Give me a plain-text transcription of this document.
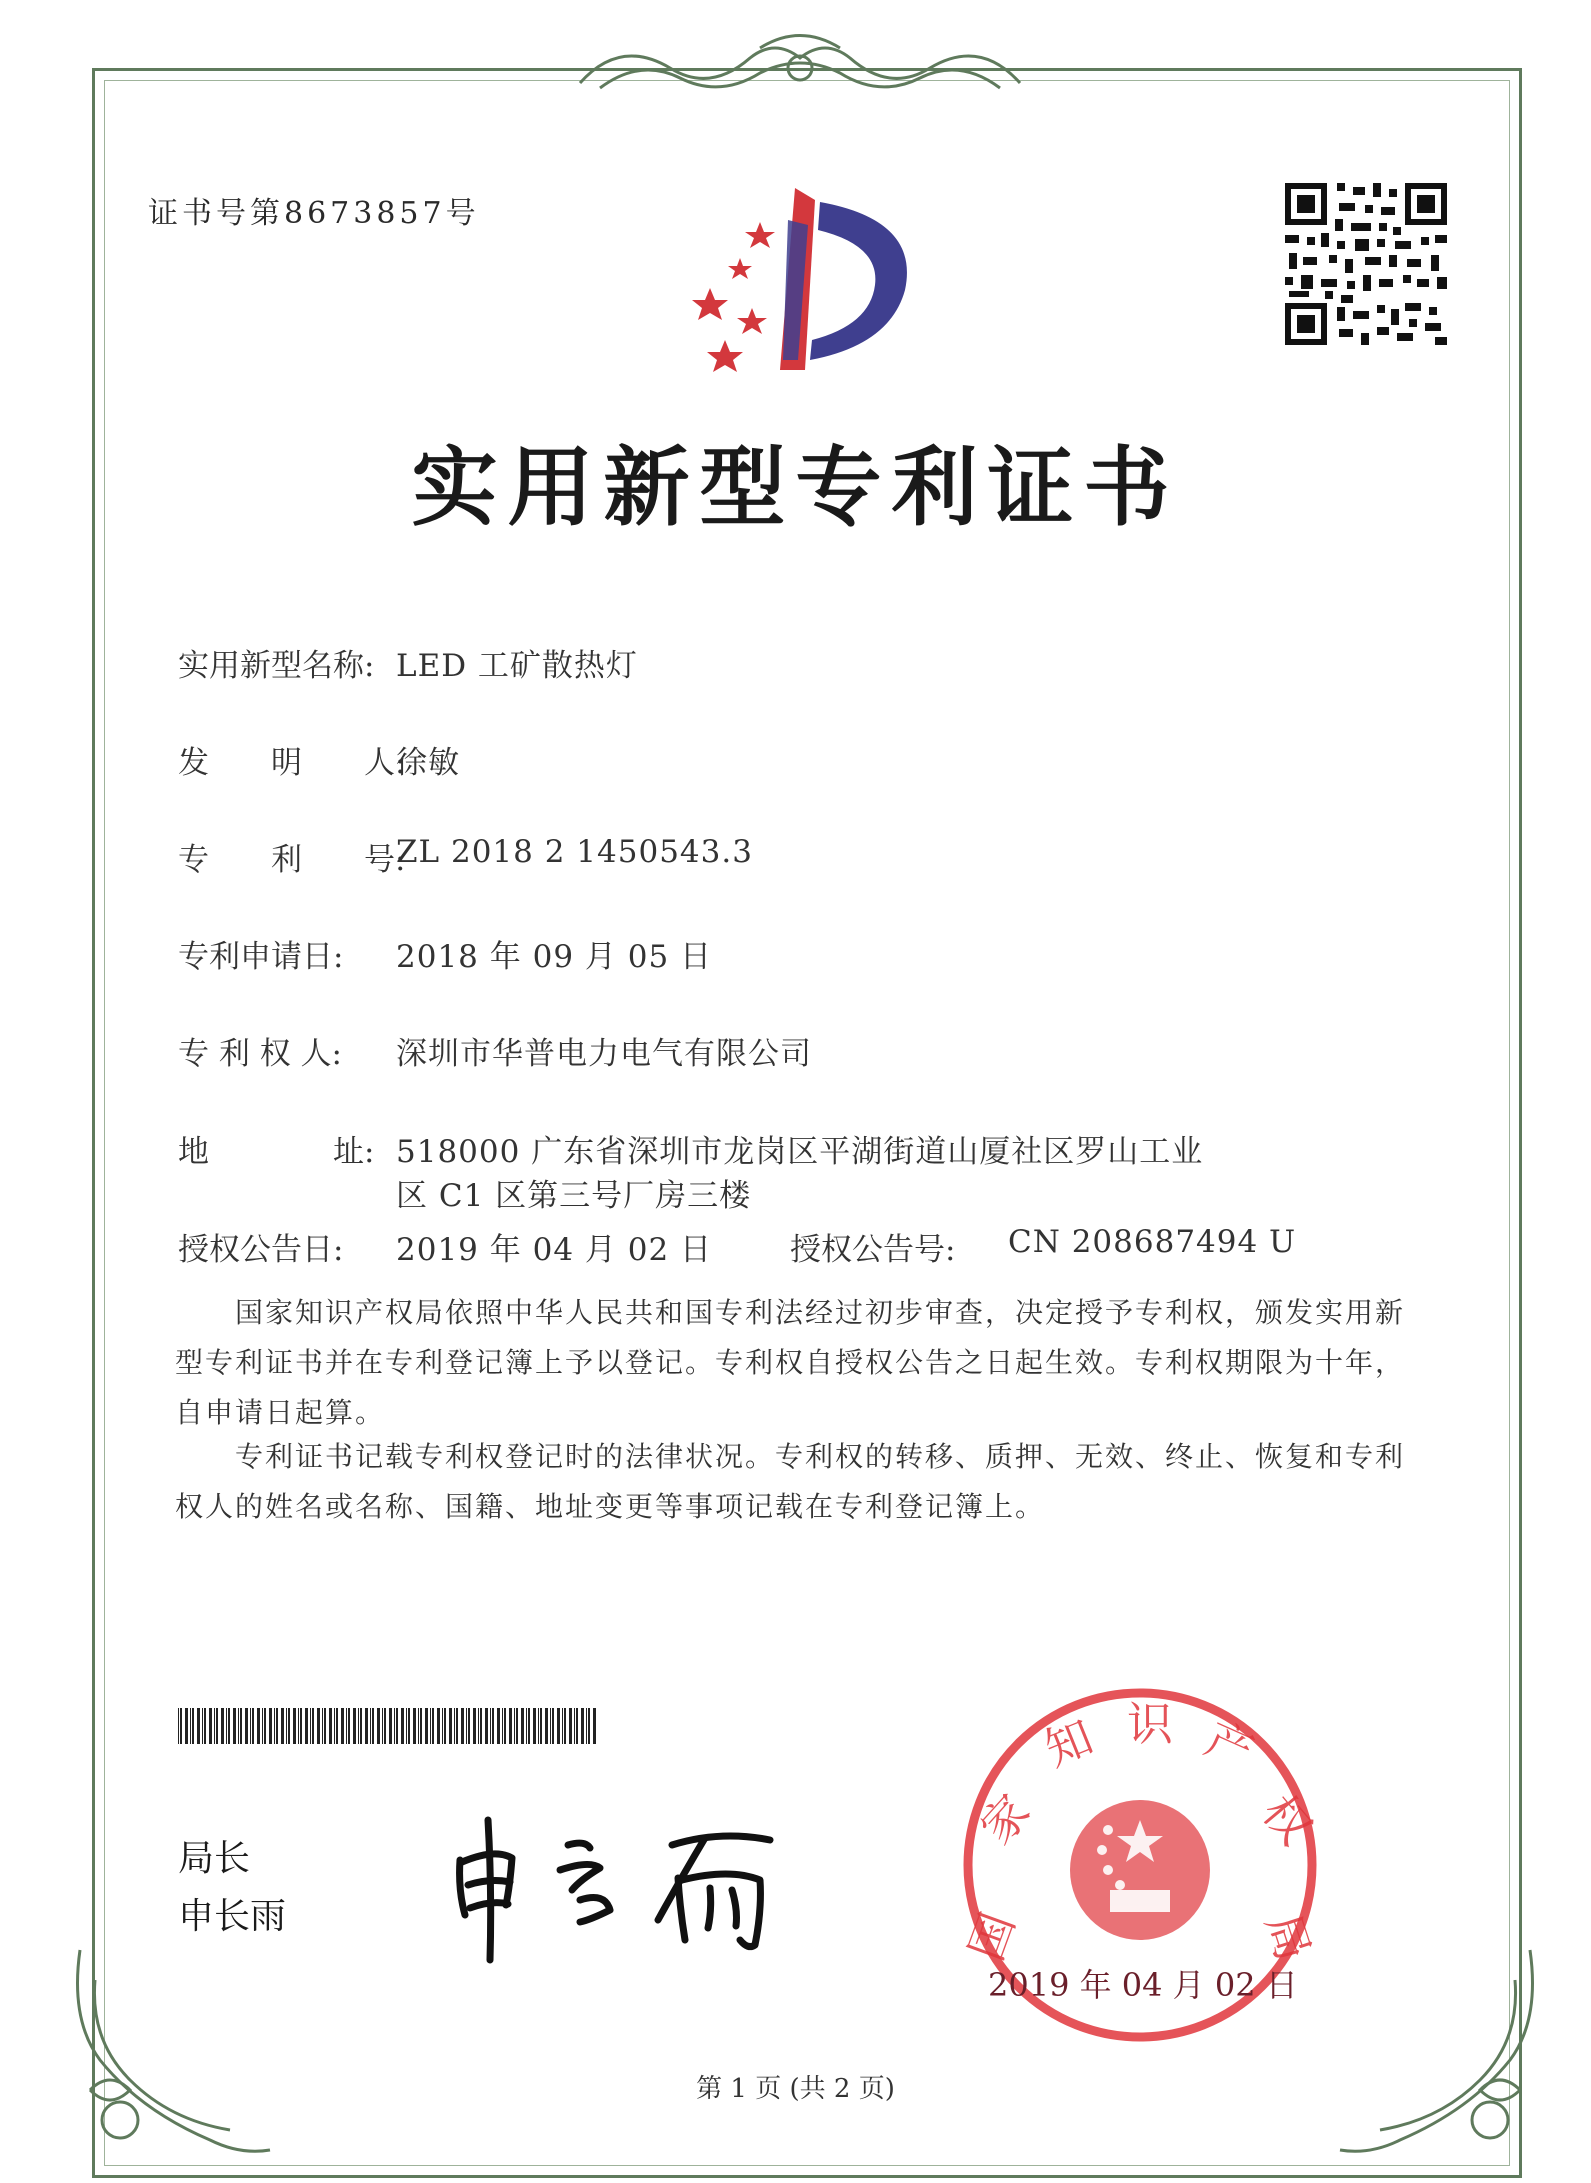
证书号第8673857号
实用新型专利证书
实用新型名称: LED 工矿散热灯
发　　明　　人:
徐敏
专　　利　　号:
ZL 2018 2 1450543.3
专利申请日: 2018 年 09 月 05 日
专 利 权 人: 深圳市华普电力电气有限公司
地　　　　址: 518000 广东省深圳市龙岗区平湖街道山厦社区罗山工业
区 C1 区第三号厂房三楼
授权公告日: 2019 年 04 月 02 日	授权公告号: CN 208687494 U
国家知识产权局依照中华人民共和国专利法经过初步审查，决定授予专利权，颁发实用新型专利证书并在专利登记簿上予以登记。专利权自授权公告之日起生效。专利权期限为十年，自申请日起算。
专利证书记载专利权登记时的法律状况。专利权的转移、质押、无效、终止、恢复和专利权人的姓名或名称、国籍、地址变更等事项记载在专利登记簿上。
局长
申长雨	国
家
知 识 产
权
局
2019 年 04 月 02 日
第 1 页 (共 2 页)
